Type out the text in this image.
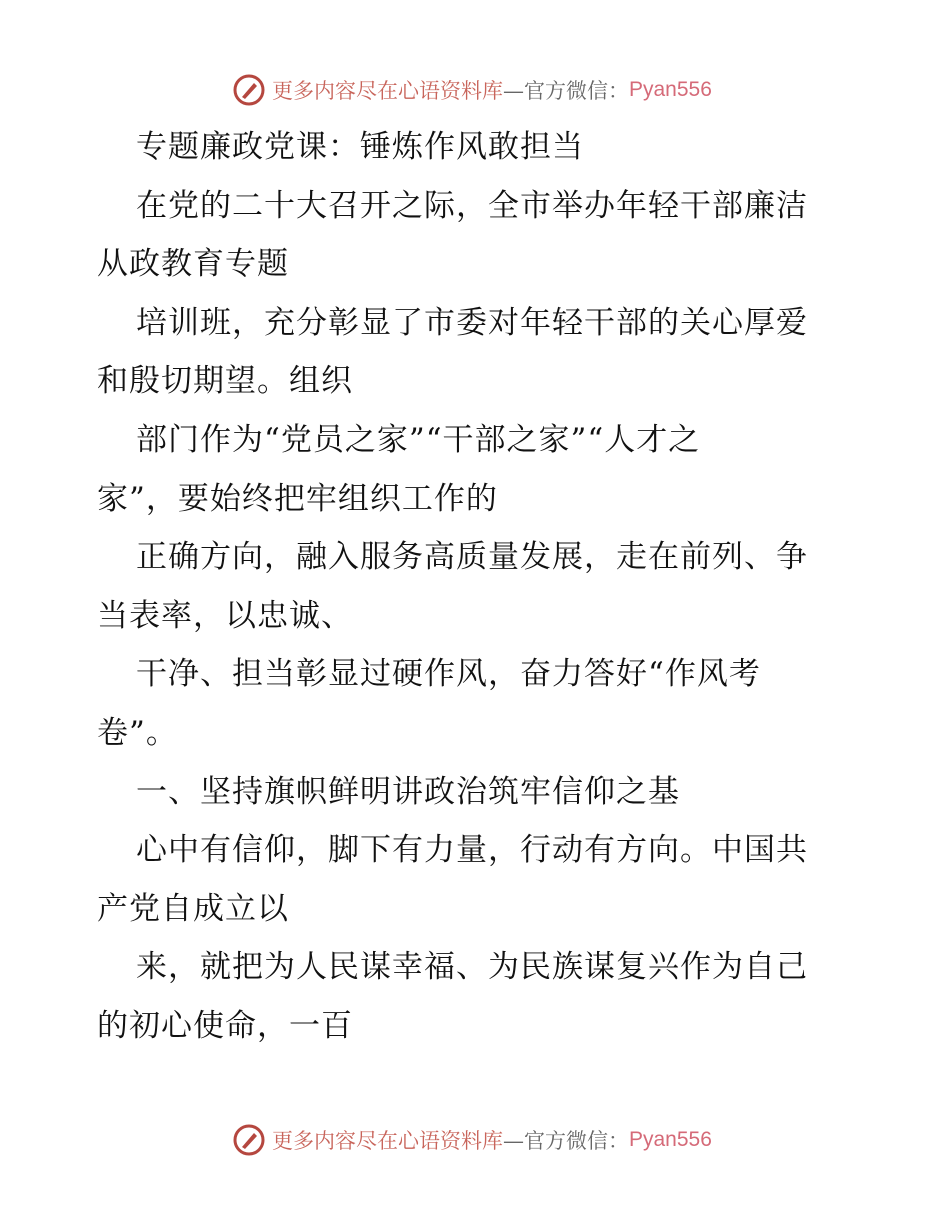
更多内容尽在心语资料库 —官方微信： Pyan556
专题廉政党课：锤炼作风敢担当
在党的二十大召开之际，全市举办年轻干部廉洁
从政教育专题
培训班，充分彰显了市委对年轻干部的关心厚爱
和殷切期望。组织
部门作为“党员之家”“干部之家”“人才之
家”，要始终把牢组织工作的
正确方向，融入服务高质量发展，走在前列、争
当表率，以忠诚、
干净、担当彰显过硬作风，奋力答好“作风考
卷”。
一、坚持旗帜鲜明讲政治筑牢信仰之基
心中有信仰，脚下有力量，行动有方向。中国共
产党自成立以
来，就把为人民谋幸福、为民族谋复兴作为自己
的初心使命，一百
更多内容尽在心语资料库 —官方微信： Pyan556
